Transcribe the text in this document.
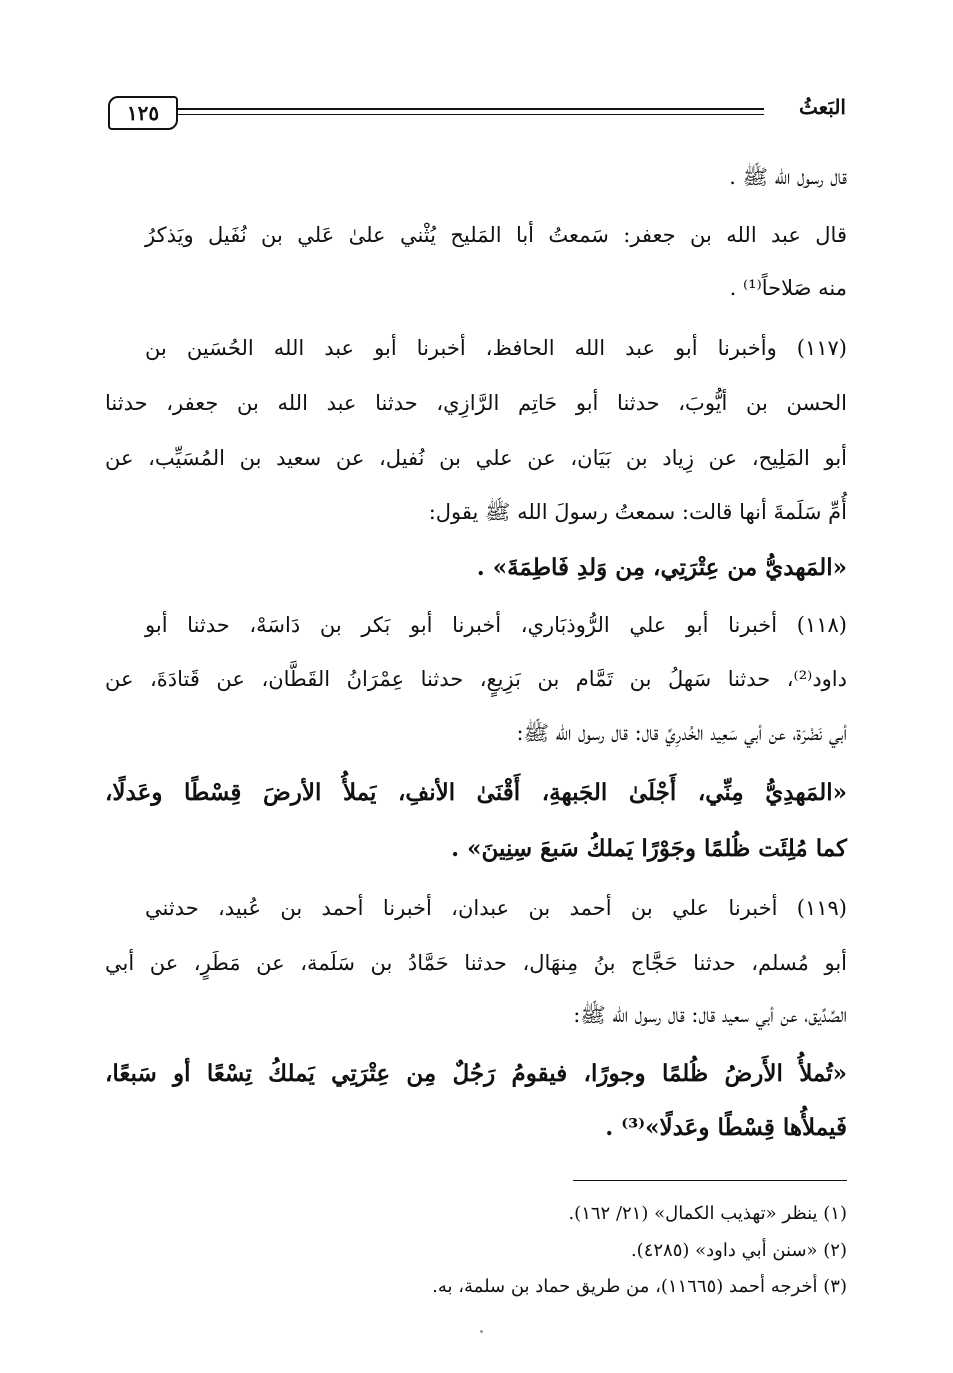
١٢٥	البَعثُ
قال رسول الله ﷺ .
قال عبد الله بن جعفر: سَمعتُ أبا المَليح يُثْني علىٰ عَلي بن نُفَيل ويَذكرُ
منه صَلاحاً⁽¹⁾ .
(١١٧) وأخبرنا أبو عبد الله الحافظ، أخبرنا أبو عبد الله الحُسَين بن
الحسن بن أيُّوبَ، حدثنا أبو حَاتِم الرَّازِي، حدثنا عبد الله بن جعفر، حدثنا
أبو المَلِيح، عن زِياد بن بَيَان، عن علي بن نُفيل، عن سعيد بن المُسَيِّب، عن
أُمِّ سَلَمةَ أنها قالت: سمعتُ رسولَ الله ﷺ يقول:
«المَهديُّ من عِتْرَتِي، مِن وَلدِ فَاطِمَةَ» .
(١١٨) أخبرنا أبو علي الرُّوذبَاري، أخبرنا أبو بَكر بن دَاسَهْ، حدثنا أبو
داود⁽²⁾، حدثنا سَهلُ بن تَمَّام بن بَزِيعٍ، حدثنا عِمْرَانُ القَطَّان، عن قَتادَةَ، عن
أبي نَضْرَة، عن أبي سَعِيد الخُدرِيِّ قال: قال رسول الله ﷺ:
«المَهدِيُّ مِنِّي، أَجْلَىٰ الجَبهةِ، أَقْنَىٰ الأنفِ، يَملأُ الأرضَ قِسْطًا وعَدلًا،
كما مُلِئَت ظُلمًا وجَوْرًا يَملكُ سَبعَ سِنِينَ» .
(١١٩) أخبرنا علي بن أحمد بن عبدان، أخبرنا أحمد بن عُبيد، حدثني
أبو مُسلم، حدثنا حَجَّاج بنُ مِنهَال، حدثنا حَمَّادُ بن سَلَمة، عن مَطَرٍ، عن أبي
الصِّدِّيق، عن أبي سعيد قال: قال رسول الله ﷺ:
«تُملأُ الأَرضُ ظُلمًا وجورًا، فيقومُ رَجُلٌ مِن عِتْرَتِي يَملكُ تِسْعًا أو سَبعًا،
فَيملأُها قِسْطًا وعَدلًا»⁽³⁾ .
(١) ينظر «تهذيب الكمال» (٢١/ ١٦٢).
(٢) «سنن أبي داود» (٤٢٨٥).
(٣) أخرجه أحمد (١١٦٦٥)، من طريق حماد بن سلمة، به.
